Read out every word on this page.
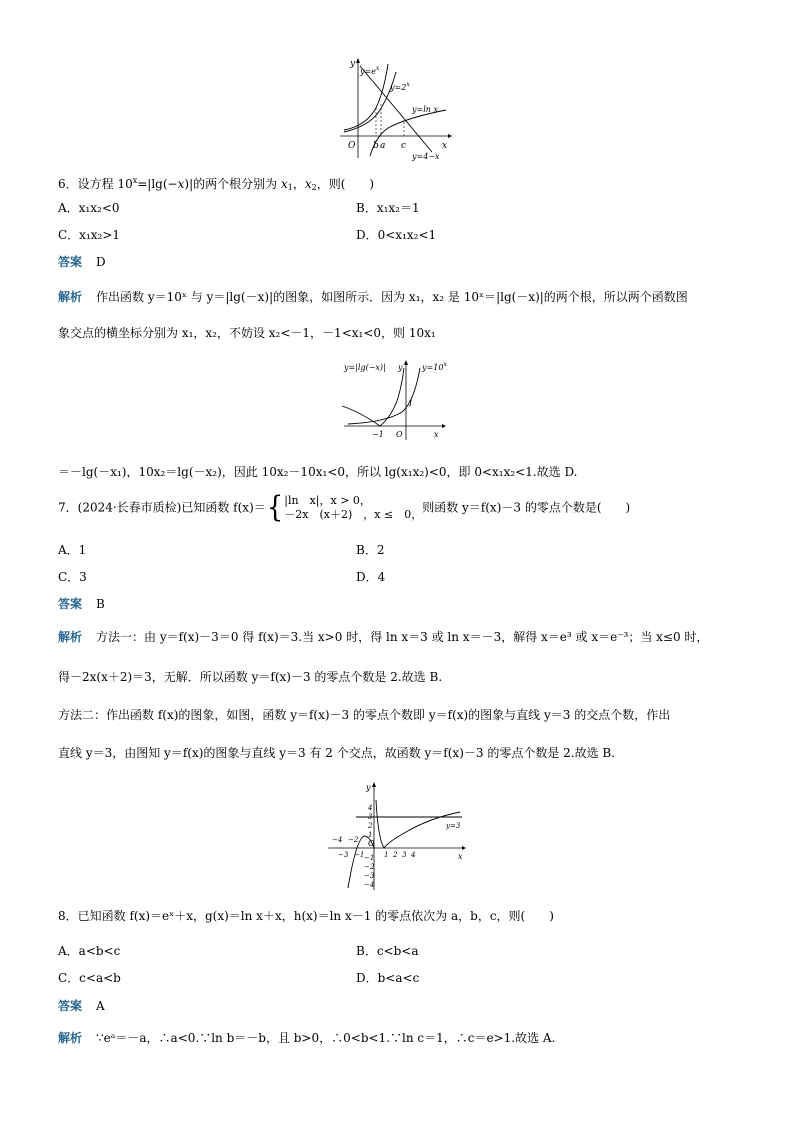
y
$y=e^x$
$y=2^x$
y=ln x
O b a c	x
y=4−x
6．设方程 $10^x=|\lg(-x)|$的两个根分别为 $x_1$，$x_2$，则(　　)
A．x₁x₂<0	B．x₁x₂＝1
C．x₁x₂>1	D．0<x₁x₂<1
答案 D
解析 作出函数 y＝10ˣ 与 y＝|lg(－x)|的图象，如图所示．因为 x₁，x₂ 是 10ˣ＝|lg(－x)|的两个根，所以两个函数图
象交点的横坐标分别为 x₁，x₂，不妨设 x₂<－1，－1<x₁<0，则 10x₁
y=|lg(−x)| y $y=10^x$
1
−1 O	x
＝－lg(－x₁)，10x₂＝lg(－x₂)，因此 10x₂－10x₁<0，所以 lg(x₁x₂)<0，即 0<x₁x₂<1.故选 D.
7．(2024·长春市质检)已知函数 f(x)＝{ |ln　x|，x > 0，
－2x　(x＋2)　，x ≤　0， 则函数 y＝f(x)－3 的零点个数是(　　)
A．1	B．2
C．3	D．4
答案 B
解析 方法一：由 y＝f(x)－3＝0 得 f(x)＝3.当 x>0 时，得 ln x＝3 或 ln x＝－3，解得 x＝e³ 或 x＝e⁻³；当 x≤0 时，
得－2x(x＋2)＝3，无解．所以函数 y＝f(x)－3 的零点个数是 2.故选 B.
方法二：作出函数 f(x)的图象，如图，函数 y＝f(x)－3 的零点个数即 y＝f(x)的图象与直线 y＝3 的交点个数，作出
直线 y＝3，由图知 y＝f(x)的图象与直线 y＝3 有 2 个交点，故函数 y＝f(x)－3 的零点个数是 2.故选 B.
y
4
3
2
1
−1
−2
−3
−4
O
1 2 3 4
−4 −2
−3 −1	x
y=3
8．已知函数 f(x)＝eˣ＋x，g(x)＝ln x＋x，h(x)＝ln x－1 的零点依次为 a，b，c，则(　　)
A．a<b<c	B．c<b<a
C．c<a<b	D．b<a<c
答案 A
解析 ∵eᵃ＝－a，∴a<0.∵ln b＝－b，且 b>0，∴0<b<1.∵ln c＝1，∴c＝e>1.故选 A.
